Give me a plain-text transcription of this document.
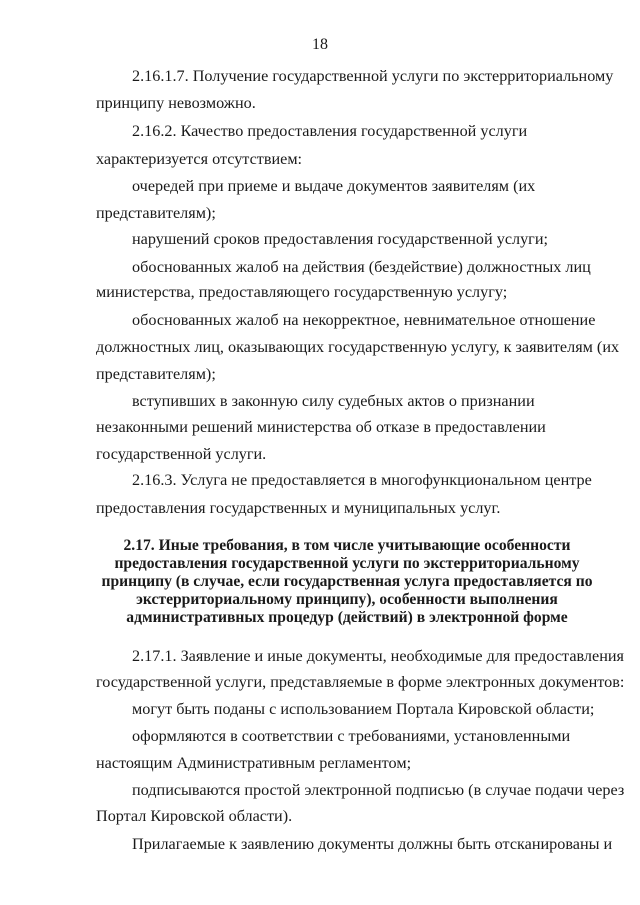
18
2.16.1.7. Получение государственной услуги по экстерриториальному
принципу невозможно.
2.16.2. Качество предоставления государственной услуги
характеризуется отсутствием:
очередей при приеме и выдаче документов заявителям (их
представителям);
нарушений сроков предоставления государственной услуги;
обоснованных жалоб на действия (бездействие) должностных лиц
министерства, предоставляющего государственную услугу;
обоснованных жалоб на некорректное, невнимательное отношение
должностных лиц, оказывающих государственную услугу, к заявителям (их
представителям);
вступивших в законную силу судебных актов о признании
незаконными решений министерства об отказе в предоставлении
государственной услуги.
2.16.3. Услуга не предоставляется в многофункциональном центре
предоставления государственных и муниципальных услуг.
2.17. Иные требования, в том числе учитывающие особенности
предоставления государственной услуги по экстерриториальному
принципу (в случае, если государственная услуга предоставляется по
экстерриториальному принципу), особенности выполнения
административных процедур (действий) в электронной форме
2.17.1. Заявление и иные документы, необходимые для предоставления
государственной услуги, представляемые в форме электронных документов:
могут быть поданы с использованием Портала Кировской области;
оформляются в соответствии с требованиями, установленными
настоящим Административным регламентом;
подписываются простой электронной подписью (в случае подачи через
Портал Кировской области).
Прилагаемые к заявлению документы должны быть отсканированы и
